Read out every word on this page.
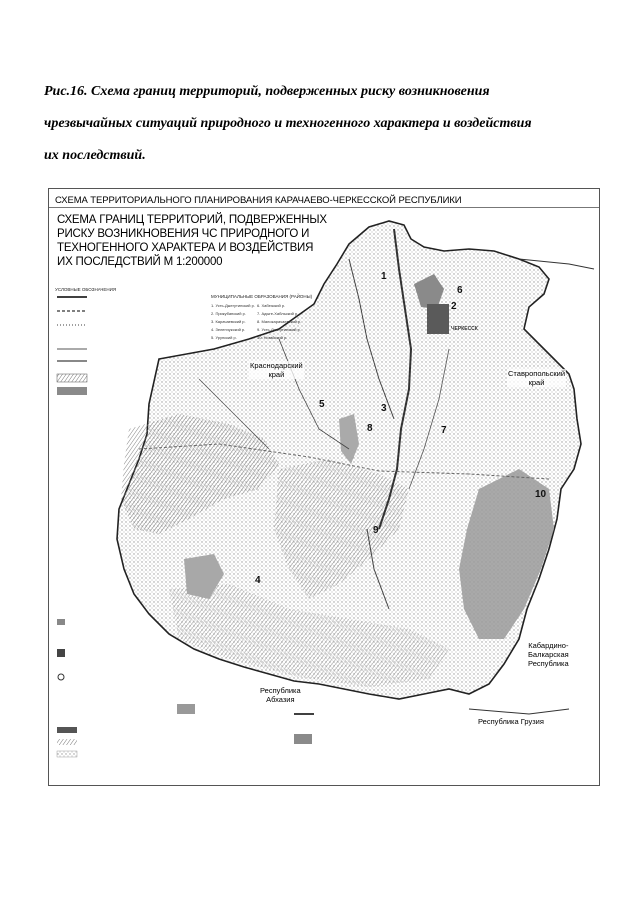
Рис.16. Схема границ территорий, подверженных риску возникновения
чрезвычайных ситуаций природного и техногенного характера и воздействия
их последствий.
СХЕМА ТЕРРИТОРИАЛЬНОГО ПЛАНИРОВАНИЯ КАРАЧАЕВО-ЧЕРКЕССКОЙ РЕСПУБЛИКИ
СХЕМА ГРАНИЦ ТЕРРИТОРИЙ, ПОДВЕРЖЕННЫХ
РИСКУ ВОЗНИКНОВЕНИЯ ЧС ПРИРОДНОГО И
ТЕХНОГЕННОГО ХАРАКТЕРА И ВОЗДЕЙСТВИЯ
ИХ ПОСЛЕДСТВИЙ М 1:200000
УСЛОВНЫЕ ОБОЗНАЧЕНИЯ
МУНИЦИПАЛЬНЫЕ ОБРАЗОВАНИЯ (РАЙОНЫ)
1. Усть-Джегутинский р.
2. Прикубанский р.
3. Карачаевский р.
4. Зеленчукский р.
5. Урупский р.
6. Хабезский р.
7. Адыге-Хабльский р.
8. Малокарачаевский р.
9. Усть-Джегутинский р.
10. Ногайский р.
Краснодарский
край	Ставропольский
край
Кабардино-
Балкарская
Республика
Республика
Абхазия
Республика Грузия
ЧЕРКЕССК
1
2
3
4
5
6
7
8
9
10
